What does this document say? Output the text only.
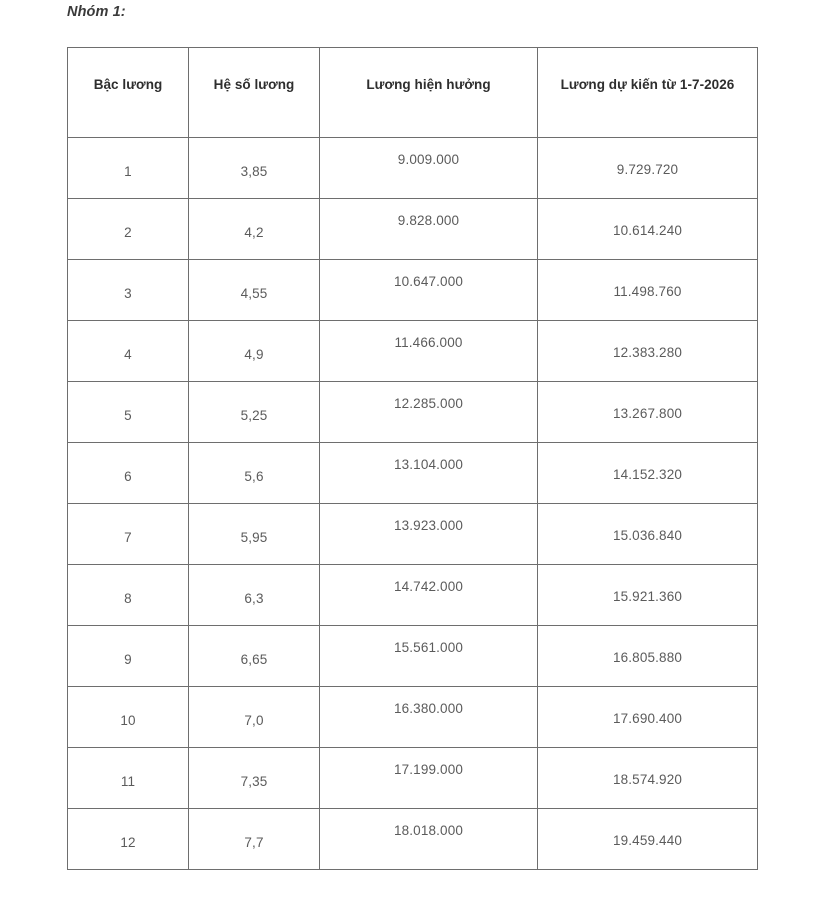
Nhóm 1:
Bậc lương	Hệ số lương	Lương hiện hưởng	Lương dự kiến từ 1-7-2026

1	3,85	9.009.000	9.729.720

2	4,2	9.828.000	10.614.240

3	4,55	10.647.000	11.498.760

4	4,9	11.466.000	12.383.280

5	5,25	12.285.000	13.267.800

6	5,6	13.104.000	14.152.320

7	5,95	13.923.000	15.036.840

8	6,3	14.742.000	15.921.360

9	6,65	15.561.000	16.805.880

10	7,0	16.380.000	17.690.400

11	7,35	17.199.000	18.574.920

12	7,7	18.018.000	19.459.440
